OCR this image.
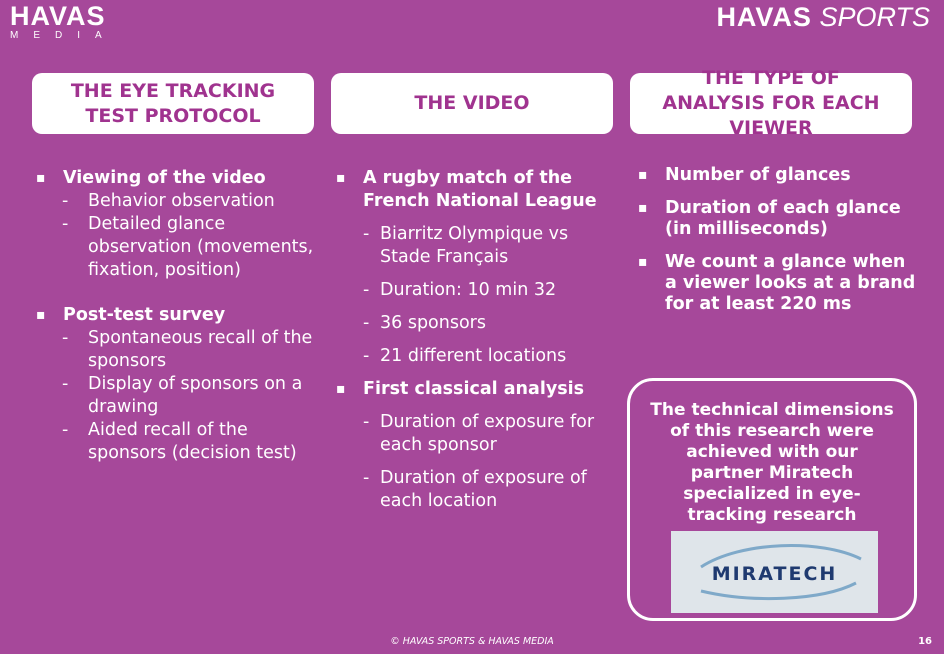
HAVAS
MEDIA
HAVAS SPORTS
THE EYE TRACKING TEST PROTOCOL
THE VIDEO
THE TYPE OF ANALYSIS FOR EACH VIEWER
▪ Viewing of the video
- Behavior observation
- Detailed glance observation (movements, fixation, position)
▪ Post-test survey
- Spontaneous recall of the sponsors
- Display of sponsors on a drawing
- Aided recall of the sponsors (decision test)
▪ A rugby match of the French National League
- Biarritz Olympique vs Stade Français
- Duration: 10 min 32
- 36 sponsors
- 21 different locations
▪ First classical analysis
- Duration of exposure for each sponsor
- Duration of exposure of each location
▪ Number of glances
▪ Duration of each glance (in milliseconds)
▪ We count a glance when a viewer looks at a brand for at least 220 ms
The technical dimensions of this research were achieved with our partner Miratech specialized in eye-tracking research
MIRATECH
© HAVAS SPORTS & HAVAS MEDIA	16
